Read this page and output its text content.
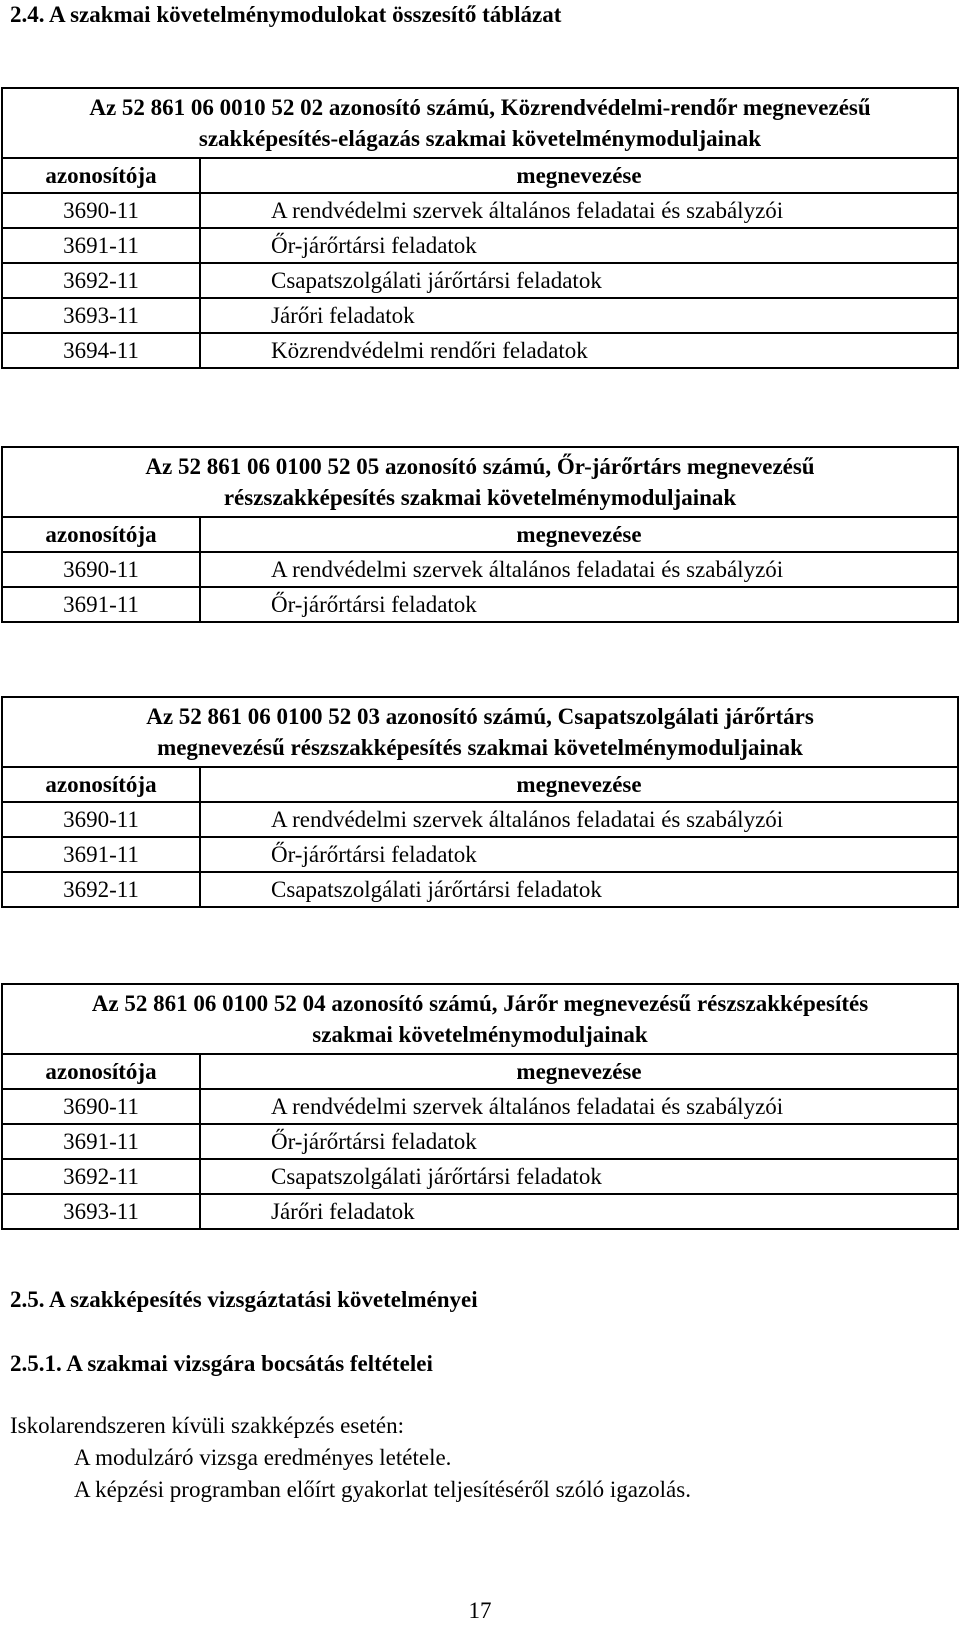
2.4. A szakmai követelménymodulokat összesítő táblázat
Az 52 861 06 0010 52 02 azonosító számú, Közrendvédelmi-rendőr megnevezésű
szakképesítés-elágazás szakmai követelménymoduljainak	
azonosítója	megnevezése
3690-11	A rendvédelmi szervek általános feladatai és szabályzói
3691-11	Őr-járőrtársi feladatok
3692-11	Csapatszolgálati járőrtársi feladatok
3693-11	Járőri feladatok
3694-11	Közrendvédelmi rendőri feladatok
Az 52 861 06 0100 52 05 azonosító számú, Őr-járőrtárs megnevezésű
részszakképesítés szakmai követelménymoduljainak	
azonosítója	megnevezése
3690-11	A rendvédelmi szervek általános feladatai és szabályzói
3691-11	Őr-járőrtársi feladatok
Az 52 861 06 0100 52 03 azonosító számú, Csapatszolgálati járőrtárs
megnevezésű részszakképesítés szakmai követelménymoduljainak	
azonosítója	megnevezése
3690-11	A rendvédelmi szervek általános feladatai és szabályzói
3691-11	Őr-járőrtársi feladatok
3692-11	Csapatszolgálati járőrtársi feladatok
Az 52 861 06 0100 52 04 azonosító számú, Járőr megnevezésű részszakképesítés
szakmai követelménymoduljainak	
azonosítója	megnevezése
3690-11	A rendvédelmi szervek általános feladatai és szabályzói
3691-11	Őr-járőrtársi feladatok
3692-11	Csapatszolgálati járőrtársi feladatok
3693-11	Járőri feladatok
2.5. A szakképesítés vizsgáztatási követelményei
2.5.1. A szakmai vizsgára bocsátás feltételei
Iskolarendszeren kívüli szakképzés esetén:
A modulzáró vizsga eredményes letétele.
A képzési programban előírt gyakorlat teljesítéséről szóló igazolás.
17
